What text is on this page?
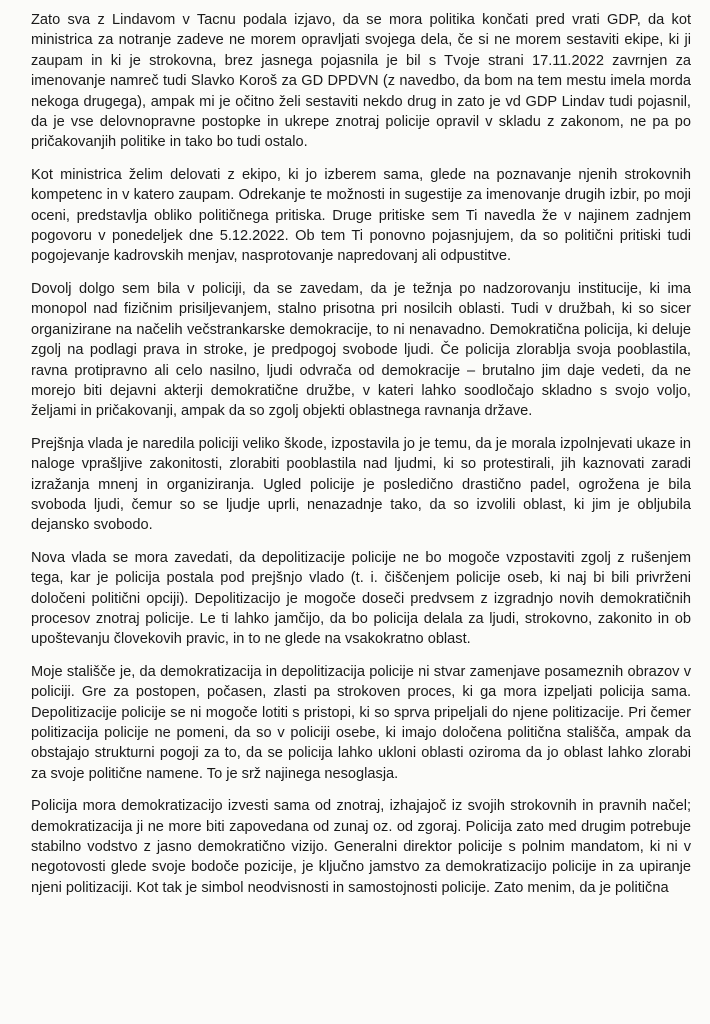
Zato sva z Lindavom v Tacnu podala izjavo, da se mora politika končati pred vrati GDP, da kot ministrica za notranje zadeve ne morem opravljati svojega dela, če si ne morem sestaviti ekipe, ki ji zaupam in ki je strokovna, brez jasnega pojasnila je bil s Tvoje strani 17.11.2022 zavrnjen za imenovanje namreč tudi Slavko Koroš za GD DPDVN (z navedbo, da bom na tem mestu imela morda nekoga drugega), ampak mi je očitno želi sestaviti nekdo drug in zato je vd GDP Lindav tudi pojasnil, da je vse delovnopravne postopke in ukrepe znotraj policije opravil v skladu z zakonom, ne pa po pričakovanjih politike in tako bo tudi ostalo.

Kot ministrica želim delovati z ekipo, ki jo izberem sama, glede na poznavanje njenih strokovnih kompetenc in v katero zaupam. Odrekanje te možnosti in sugestije za imenovanje drugih izbir, po moji oceni, predstavlja obliko političnega pritiska. Druge pritiske sem Ti navedla že v najinem zadnjem pogovoru v ponedeljek dne 5.12.2022. Ob tem Ti ponovno pojasnjujem, da so politični pritiski tudi pogojevanje kadrovskih menjav, nasprotovanje napredovanj ali odpustitve.

Dovolj dolgo sem bila v policiji, da se zavedam, da je težnja po nadzorovanju institucije, ki ima monopol nad fizičnim prisiljevanjem, stalno prisotna pri nosilcih oblasti. Tudi v družbah, ki so sicer organizirane na načelih večstrankarske demokracije, to ni nenavadno. Demokratična policija, ki deluje zgolj na podlagi prava in stroke, je predpogoj svobode ljudi. Če policija zlorablja svoja pooblastila, ravna protipravno ali celo nasilno, ljudi odvrača od demokracije – brutalno jim daje vedeti, da ne morejo biti dejavni akterji demokratične družbe, v kateri lahko soodločajo skladno s svojo voljo, željami in pričakovanji, ampak da so zgolj objekti oblastnega ravnanja države.

Prejšnja vlada je naredila policiji veliko škode, izpostavila jo je temu, da je morala izpolnjevati ukaze in naloge vprašljive zakonitosti, zlorabiti pooblastila nad ljudmi, ki so protestirali, jih kaznovati zaradi izražanja mnenj in organiziranja. Ugled policije je posledično drastično padel, ogrožena je bila svoboda ljudi, čemur so se ljudje uprli, nenazadnje tako, da so izvolili oblast, ki jim je obljubila dejansko svobodo.

Nova vlada se mora zavedati, da depolitizacije policije ne bo mogoče vzpostaviti zgolj z rušenjem tega, kar je policija postala pod prejšnjo vlado (t. i. čiščenjem policije oseb, ki naj bi bili privrženi določeni politični opciji). Depolitizacijo je mogoče doseči predvsem z izgradnjo novih demokratičnih procesov znotraj policije. Le ti lahko jamčijo, da bo policija delala za ljudi, strokovno, zakonito in ob upoštevanju človekovih pravic, in to ne glede na vsakokratno oblast.

Moje stališče je, da demokratizacija in depolitizacija policije ni stvar zamenjave posameznih obrazov v policiji. Gre za postopen, počasen, zlasti pa strokoven proces, ki ga mora izpeljati policija sama. Depolitizacije policije se ni mogoče lotiti s pristopi, ki so sprva pripeljali do njene politizacije. Pri čemer politizacija policije ne pomeni, da so v policiji osebe, ki imajo določena politična stališča, ampak da obstajajo strukturni pogoji za to, da se policija lahko ukloni oblasti oziroma da jo oblast lahko zlorabi za svoje politične namene. To je srž najinega nesoglasja.

Policija mora demokratizacijo izvesti sama od znotraj, izhajajoč iz svojih strokovnih in pravnih načel; demokratizacija ji ne more biti zapovedana od zunaj oz. od zgoraj. Policija zato med drugim potrebuje stabilno vodstvo z jasno demokratično vizijo. Generalni direktor policije s polnim mandatom, ki ni v negotovosti glede svoje bodoče pozicije, je ključno jamstvo za demokratizacijo policije in za upiranje njeni politizaciji. Kot tak je simbol neodvisnosti in samostojnosti policije. Zato menim, da je politična
